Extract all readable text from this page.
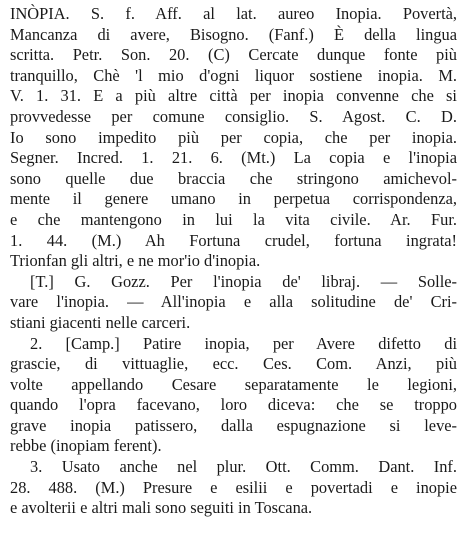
INÒPIA. S. f. Aff. al lat. aureo Inopia. Povertà,
Mancanza di avere, Bisogno. (Fanf.) È della lingua
scritta. Petr. Son. 20. (C) Cercate dunque fonte più
tranquillo, Chè 'l mio d'ogni liquor sostiene inopia. M.
V. 1. 31. E a più altre città per inopia convenne che si
provvedesse per comune consiglio. S. Agost. C. D.
Io sono impedito più per copia, che per inopia.
Segner. Incred. 1. 21. 6. (Mt.) La copia e l'inopia
sono quelle due braccia che stringono amichevol-
mente il genere umano in perpetua corrispondenza,
e che mantengono in lui la vita civile. Ar. Fur.
1. 44. (M.) Ah Fortuna crudel, fortuna ingrata!
Trionfan gli altri, e ne mor'io d'inopia.
[T.] G. Gozz. Per l'inopia de' libraj. — Solle-
vare l'inopia. — All'inopia e alla solitudine de' Cri-
stiani giacenti nelle carceri.
2. [Camp.] Patire inopia, per Avere difetto di
grascie, di vittuaglie, ecc. Ces. Com. Anzi, più
volte appellando Cesare separatamente le legioni,
quando l'opra facevano, loro diceva: che se troppo
grave inopia patissero, dalla espugnazione si leve-
rebbe (inopiam ferent).
3. Usato anche nel plur. Ott. Comm. Dant. Inf.
28. 488. (M.) Presure e esilii e povertadi e inopie
e avolterii e altri mali sono seguiti in Toscana.
